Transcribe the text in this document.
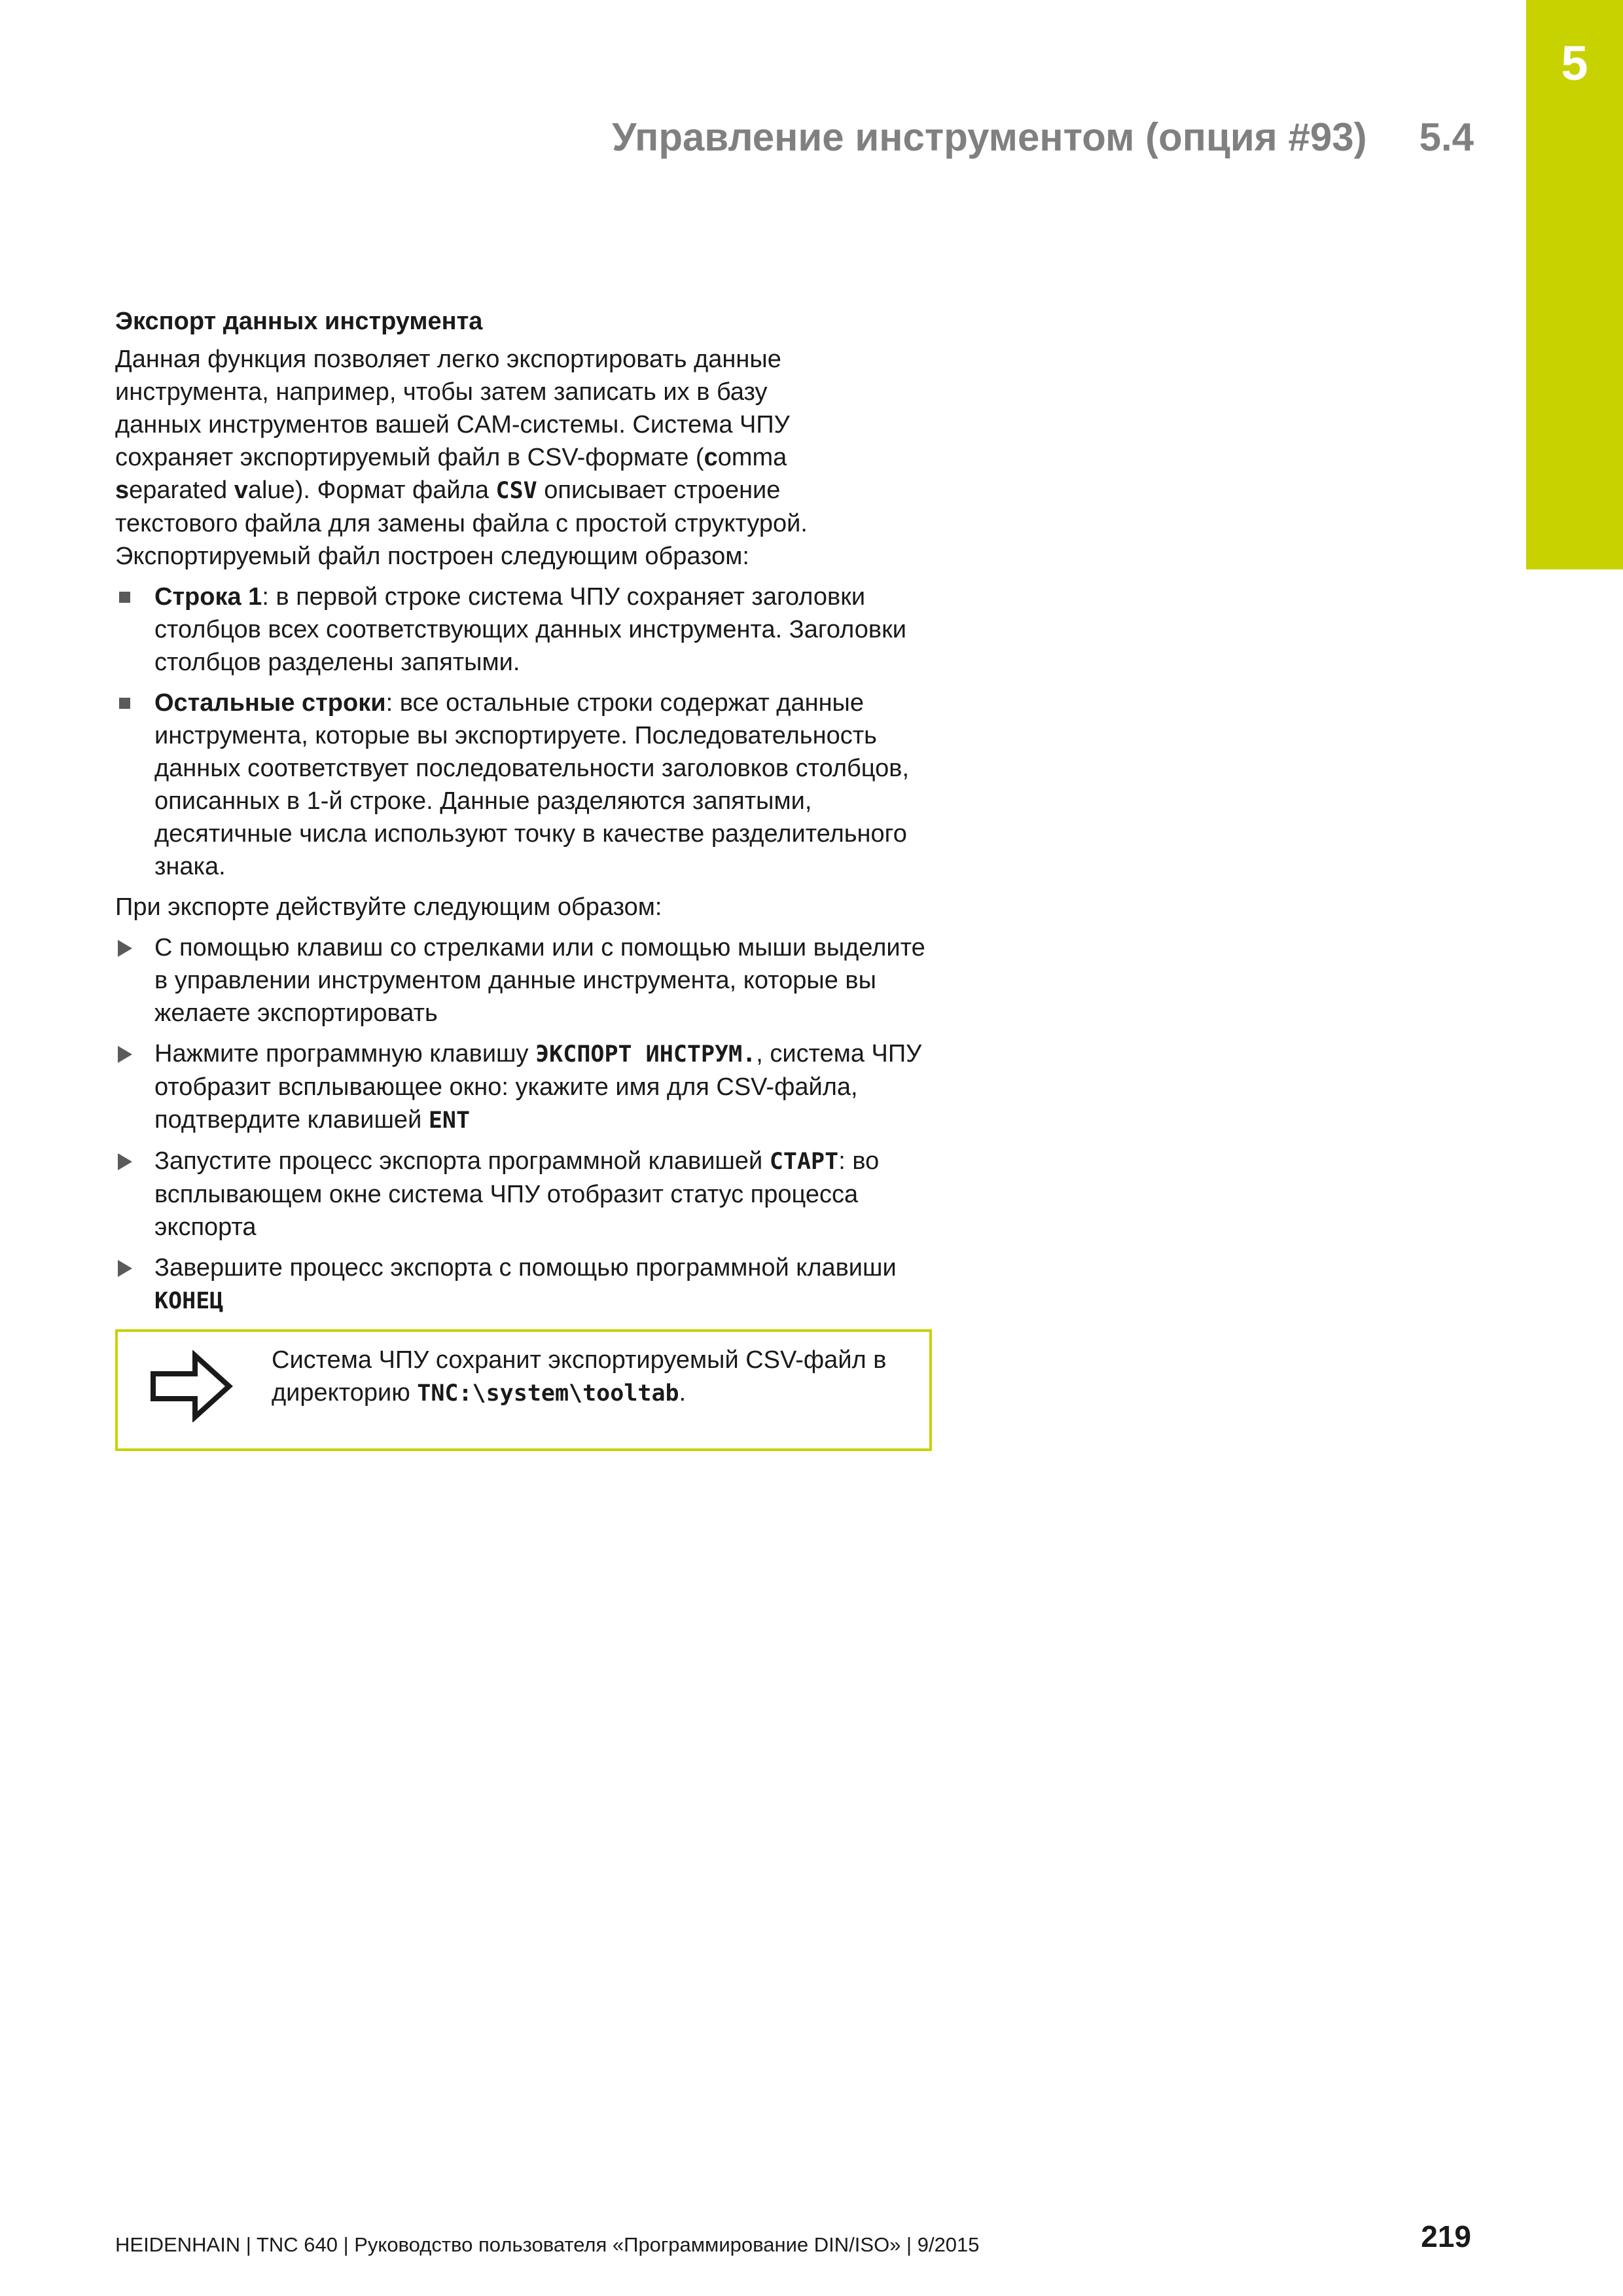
5
Управление инструментом (опция #93) 5.4
Экспорт данных инструмента
Данная функция позволяет легко экспортировать данные
инструмента, например, чтобы затем записать их в базу
данных инструментов вашей CAM-системы. Система ЧПУ
сохраняет экспортируемый файл в CSV-формате (comma
separated value). Формат файла CSV описывает строение
текстового файла для замены файла с простой структурой.
Экспортируемый файл построен следующим образом:
Строка 1: в первой строке система ЧПУ сохраняет заголовки столбцов всех соответствующих данных инструмента. Заголовки столбцов разделены запятыми.
Остальные строки: все остальные строки содержат данные инструмента, которые вы экспортируете. Последовательность данных соответствует последовательности заголовков столбцов, описанных в 1-й строке. Данные разделяются запятыми, десятичные числа используют точку в качестве разделительного знака.
При экспорте действуйте следующим образом:
С помощью клавиш со стрелками или с помощью мыши выделите в управлении инструментом данные инструмента, которые вы желаете экспортировать
Нажмите программную клавишу ЭКСПОРТ ИНСТРУМ., система ЧПУ отобразит всплывающее окно: укажите имя для CSV-файла, подтвердите клавишей ENT
Запустите процесс экспорта программной клавишей СТАРТ: во всплывающем окне система ЧПУ отобразит статус процесса экспорта
Завершите процесс экспорта с помощью программной клавиши КОНЕЦ
Система ЧПУ сохранит экспортируемый CSV-файл в директорию TNC:\system\tooltab.
HEIDENHAIN | TNC 640 | Руководство пользователя «Программирование DIN/ISO» | 9/2015	219
